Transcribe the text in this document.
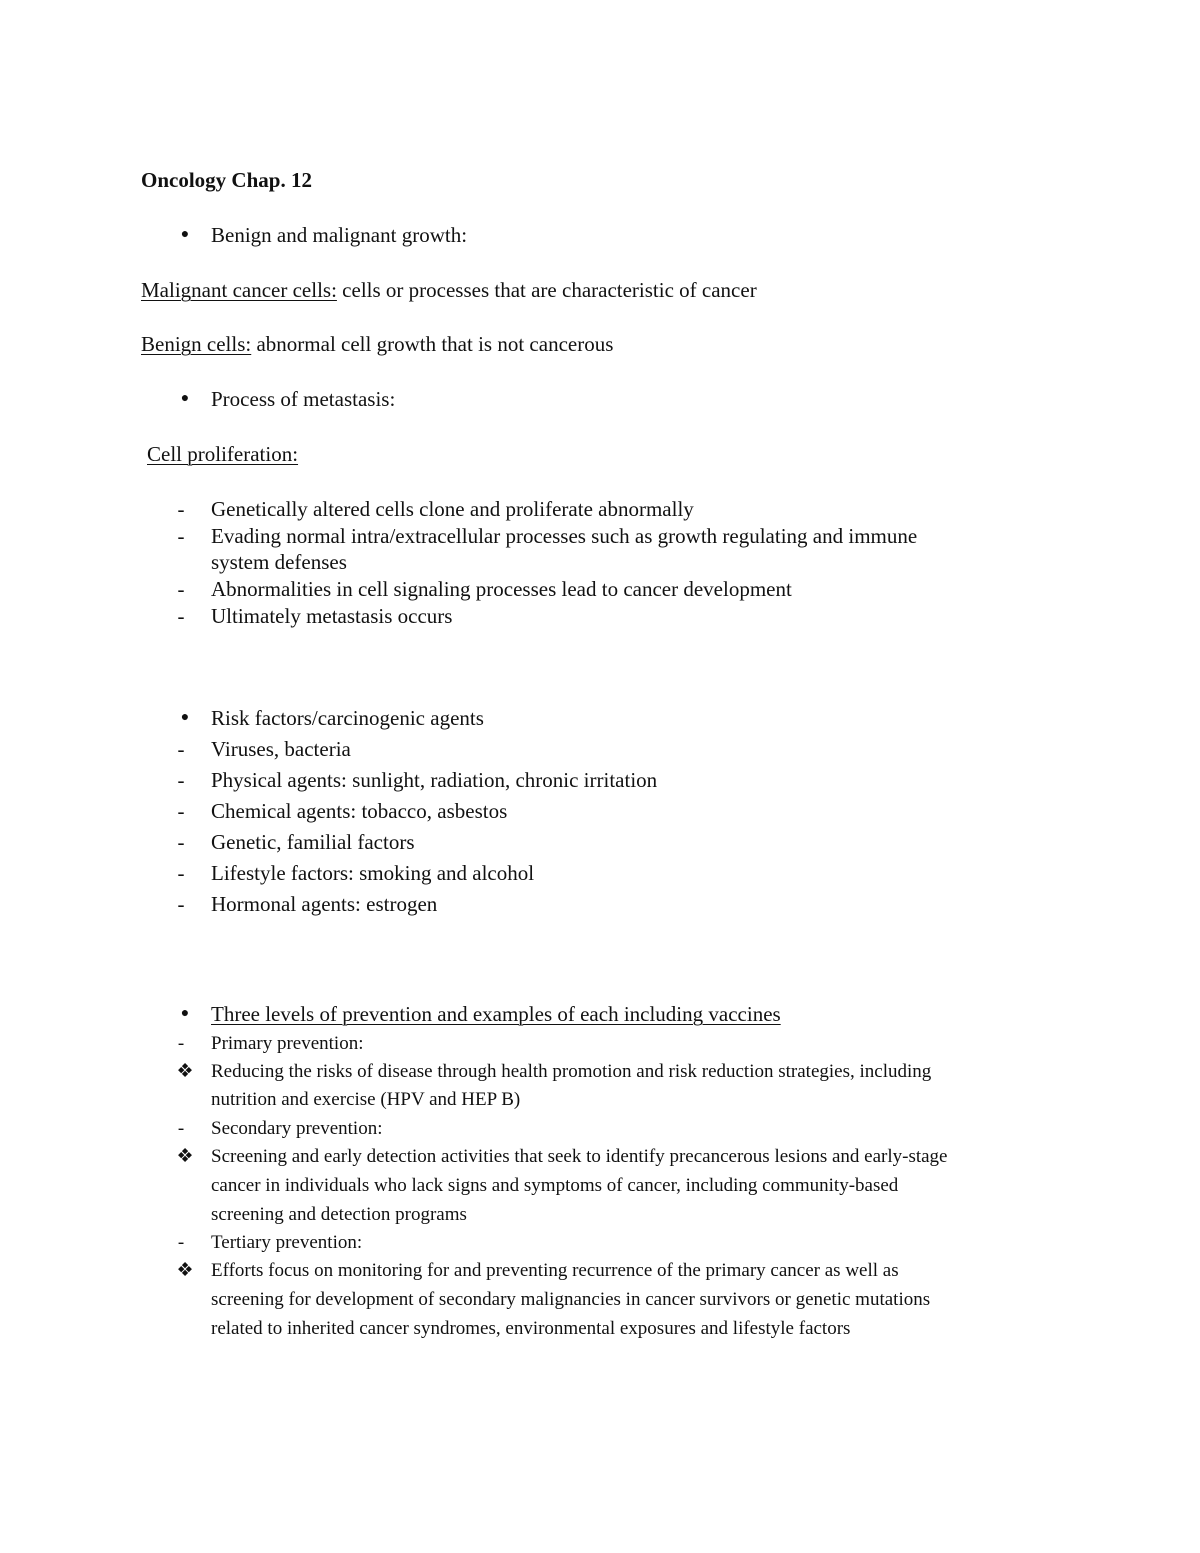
Oncology Chap. 12
●	Benign and malignant growth:
Malignant cancer cells: cells or processes that are characteristic of cancer
Benign cells: abnormal cell growth that is not cancerous
●	Process of metastasis:
Cell proliferation:
-	Genetically altered cells clone and proliferate abnormally
-	Evading normal intra/extracellular processes such as growth regulating and immune
system defenses
-	Abnormalities in cell signaling processes lead to cancer development
-	Ultimately metastasis occurs
●	Risk factors/carcinogenic agents
-	Viruses, bacteria
-	Physical agents: sunlight, radiation, chronic irritation
-	Chemical agents: tobacco, asbestos
-	Genetic, familial factors
-	Lifestyle factors: smoking and alcohol
-	Hormonal agents: estrogen
●	Three levels of prevention and examples of each including vaccines
-	Primary prevention:
❖ Reducing the risks of disease through health promotion and risk reduction strategies, including
nutrition and exercise (HPV and HEP B)
-	Secondary prevention:
❖ Screening and early detection activities that seek to identify precancerous lesions and early-stage
cancer in individuals who lack signs and symptoms of cancer, including community-based
screening and detection programs
-	Tertiary prevention:
❖ Efforts focus on monitoring for and preventing recurrence of the primary cancer as well as
screening for development of secondary malignancies in cancer survivors or genetic mutations
related to inherited cancer syndromes, environmental exposures and lifestyle factors
